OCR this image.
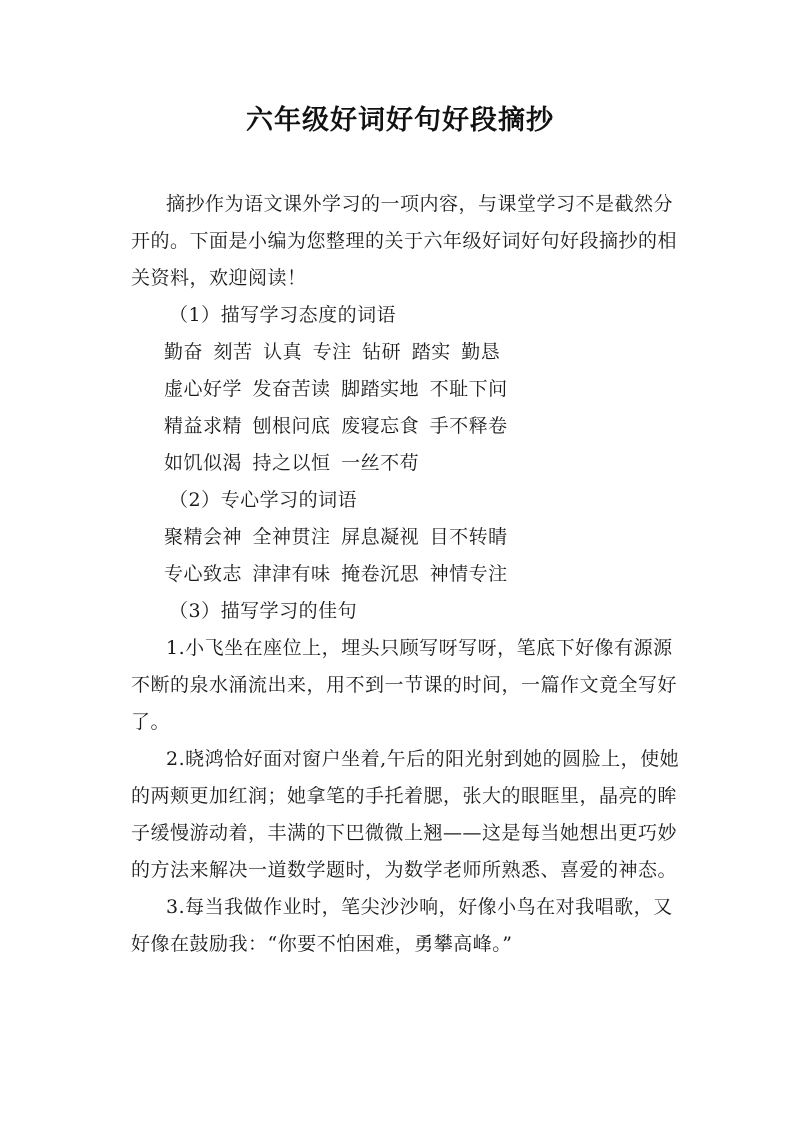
六年级好词好句好段摘抄

摘抄作为语文课外学习的一项内容，与课堂学习不是截然分开的。下面是小编为您整理的关于六年级好词好句好段摘抄的相关资料，欢迎阅读！

（1）描写学习态度的词语

勤奋 刻苦 认真 专注 钻研 踏实 勤恳

虚心好学 发奋苦读 脚踏实地 不耻下问

精益求精 刨根问底 废寝忘食 手不释卷

如饥似渴 持之以恒 一丝不苟

（2）专心学习的词语

聚精会神 全神贯注 屏息凝视 目不转睛

专心致志 津津有味 掩卷沉思 神情专注

（3）描写学习的佳句

1.小飞坐在座位上，埋头只顾写呀写呀，笔底下好像有源源不断的泉水涌流出来，用不到一节课的时间，一篇作文竟全写好了。

2.晓鸿恰好面对窗户坐着,午后的阳光射到她的圆脸上，使她的两颊更加红润；她拿笔的手托着腮，张大的眼眶里，晶亮的眸子缓慢游动着，丰满的下巴微微上翘——这是每当她想出更巧妙的方法来解决一道数学题时，为数学老师所熟悉、喜爱的神态。

3.每当我做作业时，笔尖沙沙响，好像小鸟在对我唱歌，又好像在鼓励我：“你要不怕困难，勇攀高峰。”
